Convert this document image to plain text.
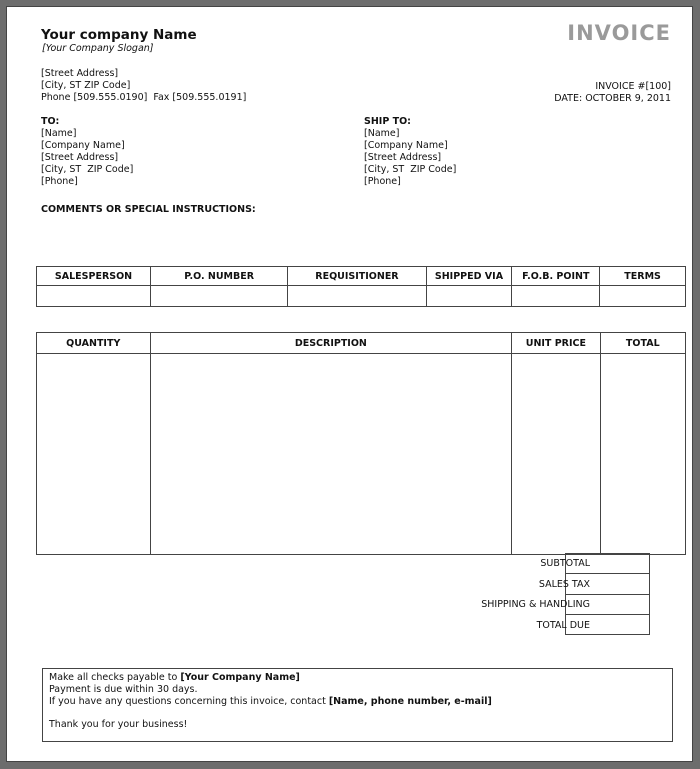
Your company Name
[Your Company Slogan]
INVOICE
[Street Address]
[City, ST ZIP Code]
Phone [509.555.0190]  Fax [509.555.0191]
INVOICE #[100]
DATE: OCTOBER 9, 2011
TO:
[Name]
[Company Name]
[Street Address]
[City, ST  ZIP Code]
[Phone]
SHIP TO:
[Name]
[Company Name]
[Street Address]
[City, ST  ZIP Code]
[Phone]
COMMENTS OR SPECIAL INSTRUCTIONS:
SALESPERSON	P.O. NUMBER	REQUISITIONER	SHIPPED VIA	F.O.B. POINT	TERMS

QUANTITY	DESCRIPTION	UNIT PRICE	TOTAL

SUBTOTAL
SALES TAX
SHIPPING & HANDLING
TOTAL DUE
Make all checks payable to [Your Company Name]
Payment is due within 30 days.
If you have any questions concerning this invoice, contact [Name, phone number, e-mail]
Thank you for your business!
